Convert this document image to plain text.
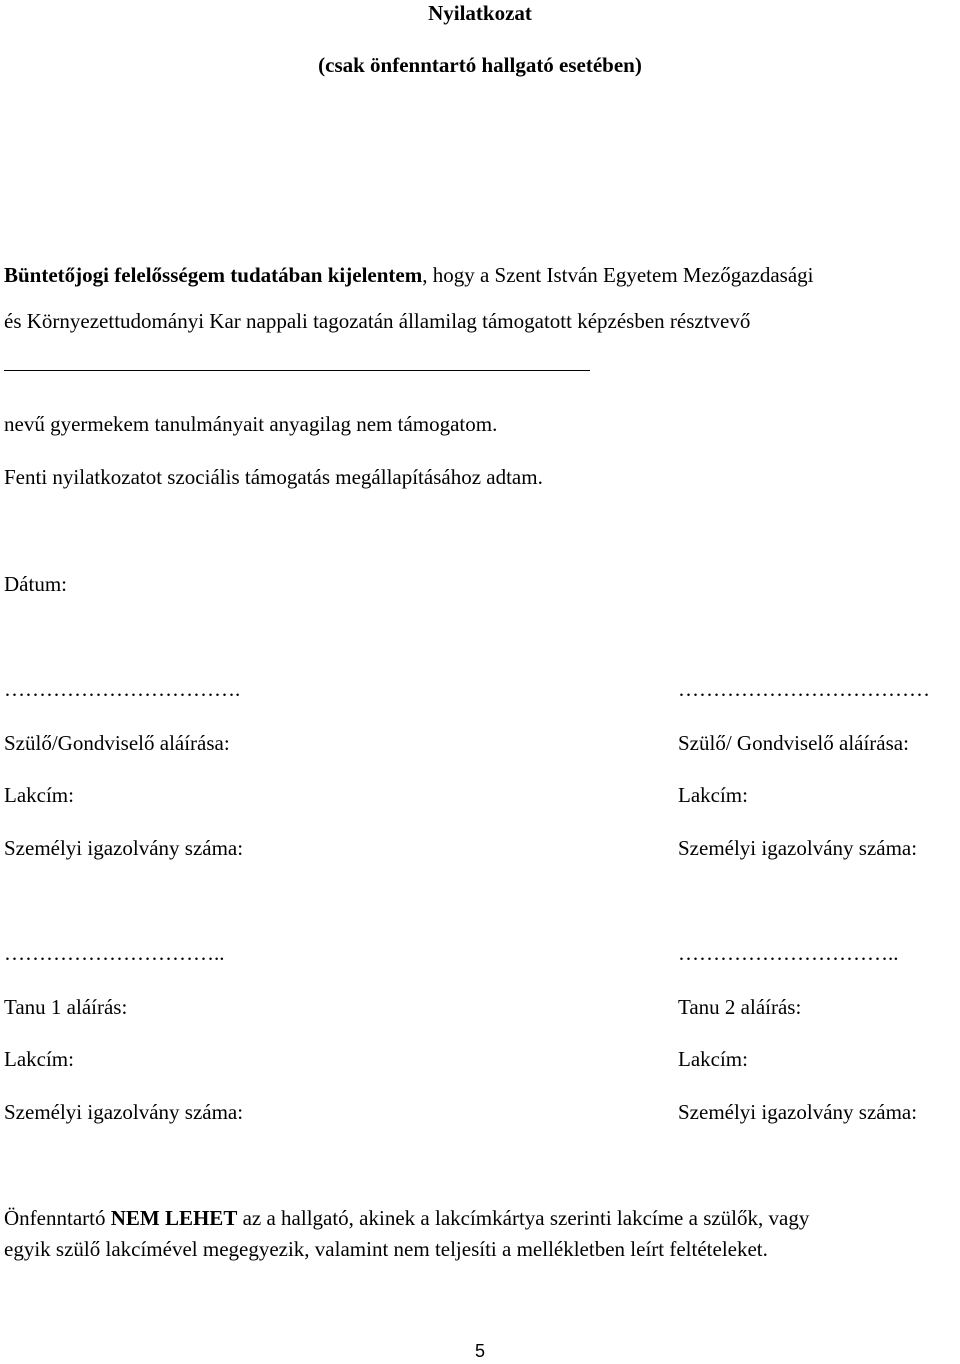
Nyilatkozat
(csak önfenntartó hallgató esetében)
Büntetőjogi felelősségem tudatában kijelentem, hogy a Szent István Egyetem Mezőgazdasági
és Környezettudományi Kar nappali tagozatán államilag támogatott képzésben résztvevő
nevű gyermekem tanulmányait anyagilag nem támogatom.
Fenti nyilatkozatot szociális támogatás megállapításához adtam.
Dátum:
…………………………….
Szülő/Gondviselő aláírása:
Lakcím:
Személyi igazolvány száma:
………………………………
Szülő/ Gondviselő aláírása:
Lakcím:
Személyi igazolvány száma:
…………………………..
Tanu 1 aláírás:
Lakcím:
Személyi igazolvány száma:
…………………………..
Tanu 2 aláírás:
Lakcím:
Személyi igazolvány száma:
Önfenntartó NEM LEHET az a hallgató, akinek a lakcímkártya szerinti lakcíme a szülők, vagy
egyik szülő lakcímével megegyezik, valamint nem teljesíti a mellékletben leírt feltételeket.
5
